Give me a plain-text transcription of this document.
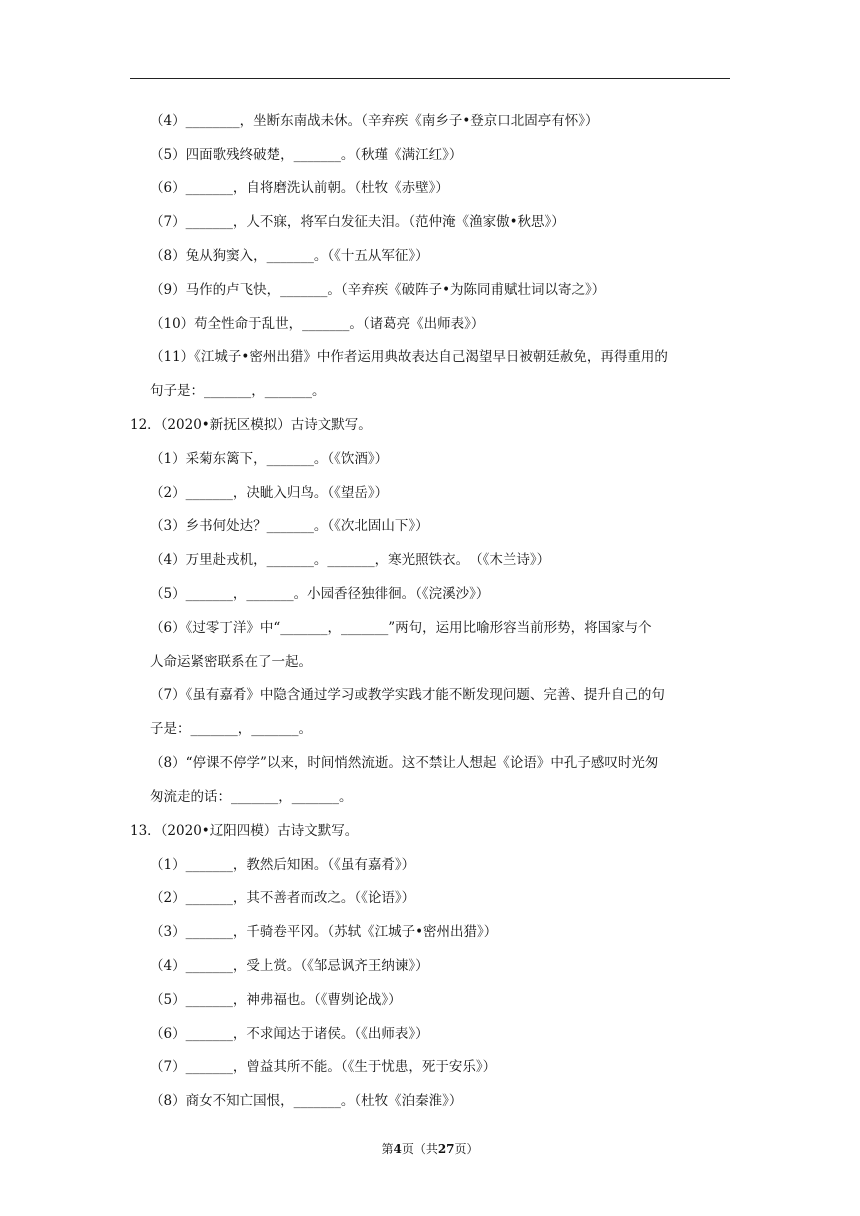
（4）________，坐断东南战未休。（辛弃疾《南乡子•登京口北固亭有怀》）
（5）四面歌残终破楚，_______。（秋瑾《满江红》）
（6）_______，自将磨洗认前朝。（杜牧《赤壁》）
（7）_______，人不寐，将军白发征夫泪。（范仲淹《渔家傲•秋思》）
（8）兔从狗窦入，_______。（《十五从军征》）
（9）马作的卢飞快，_______。（辛弃疾《破阵子•为陈同甫赋壮词以寄之》）
（10）苟全性命于乱世，_______。（诸葛亮《出师表》）
（11）《江城子•密州出猎》中作者运用典故表达自己渴望早日被朝廷赦免，再得重用的
句子是：_______，_______。
12．（2020•新抚区模拟）古诗文默写。
（1）采菊东篱下，_______。（《饮酒》）
（2）_______，决眦入归鸟。（《望岳》）
（3）乡书何处达？_______。（《次北固山下》）
（4）万里赴戎机，_______。_______，寒光照铁衣。　（《木兰诗》）
（5）_______，_______。小园香径独徘徊。（《浣溪沙》）
（6）《过零丁洋》中“_______，_______”两句，运用比喻形容当前形势，将国家与个
人命运紧密联系在了一起。
（7）《虽有嘉肴》中隐含通过学习或教学实践才能不断发现问题、完善、提升自己的句
子是：_______，_______。
（8）“停课不停学”以来，时间悄然流逝。这不禁让人想起《论语》中孔子感叹时光匆
匆流走的话：_______，_______。
13．（2020•辽阳四模）古诗文默写。
（1）_______，教然后知困。（《虽有嘉肴》）
（2）_______，其不善者而改之。（《论语》）
（3）_______，千骑卷平冈。（苏轼《江城子•密州出猎》）
（4）_______，受上赏。（《邹忌讽齐王纳谏》）
（5）_______，神弗福也。（《曹刿论战》）
（6）_______，不求闻达于诸侯。（《出师表》）
（7）_______，曾益其所不能。（《生于忧患，死于安乐》）
（8）商女不知亡国恨，_______。（杜牧《泊秦淮》）
第4页（共27页）
